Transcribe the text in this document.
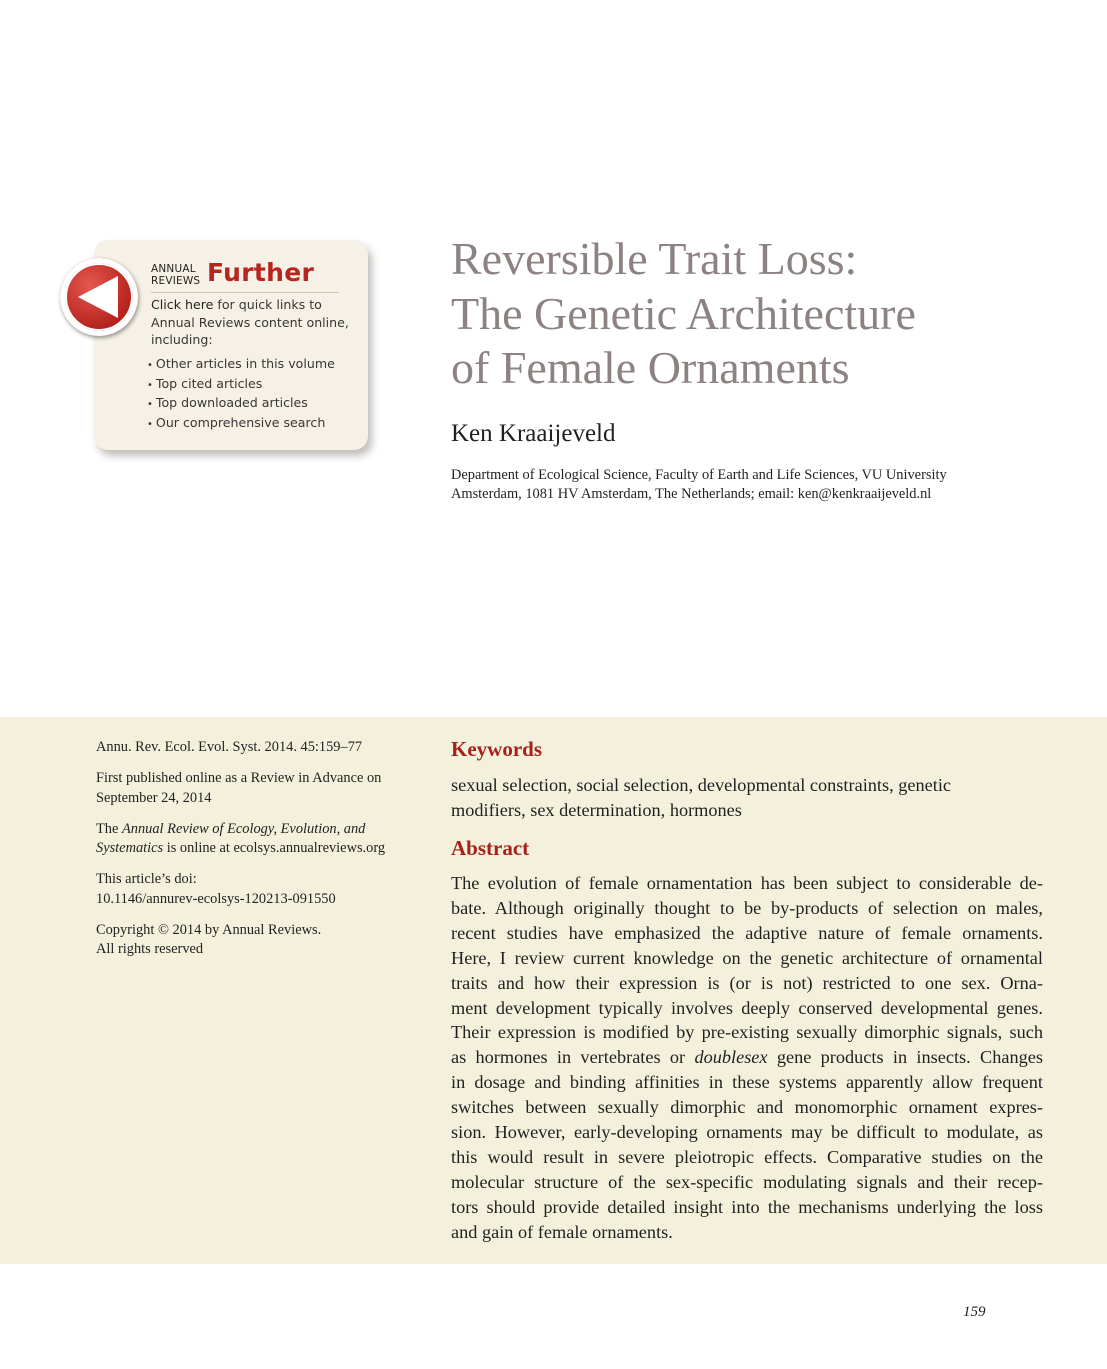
ANNUAL
REVIEWS Further
Click here for quick links to
Annual Reviews content online,
including:
• Other articles in this volume
• Top cited articles
• Top downloaded articles
• Our comprehensive search
Reversible Trait Loss:
The Genetic Architecture
of Female Ornaments
Ken Kraaijeveld
Department of Ecological Science, Faculty of Earth and Life Sciences, VU University
Amsterdam, 1081 HV Amsterdam, The Netherlands; email: ken@kenkraaijeveld.nl

Annu. Rev. Ecol. Evol. Syst. 2014. 45:159–77

First published online as a Review in Advance on
September 24, 2014

The Annual Review of Ecology, Evolution, and
Systematics is online at ecolsys.annualreviews.org

This article’s doi:
10.1146/annurev-ecolsys-120213-091550

Copyright © 2014 by Annual Reviews.
All rights reserved

Keywords
sexual selection, social selection, developmental constraints, genetic
modifiers, sex determination, hormones
Abstract

The evolution of female ornamentation has been subject to considerable de-
bate. Although originally thought to be by-products of selection on males,
recent studies have emphasized the adaptive nature of female ornaments.
Here, I review current knowledge on the genetic architecture of ornamental
traits and how their expression is (or is not) restricted to one sex. Orna-
ment development typically involves deeply conserved developmental genes.
Their expression is modified by pre-existing sexually dimorphic signals, such
as hormones in vertebrates or doublesex gene products in insects. Changes
in dosage and binding affinities in these systems apparently allow frequent
switches between sexually dimorphic and monomorphic ornament expres-
sion. However, early-developing ornaments may be difficult to modulate, as
this would result in severe pleiotropic effects. Comparative studies on the
molecular structure of the sex-specific modulating signals and their recep-
tors should provide detailed insight into the mechanisms underlying the loss
and gain of female ornaments.

159
